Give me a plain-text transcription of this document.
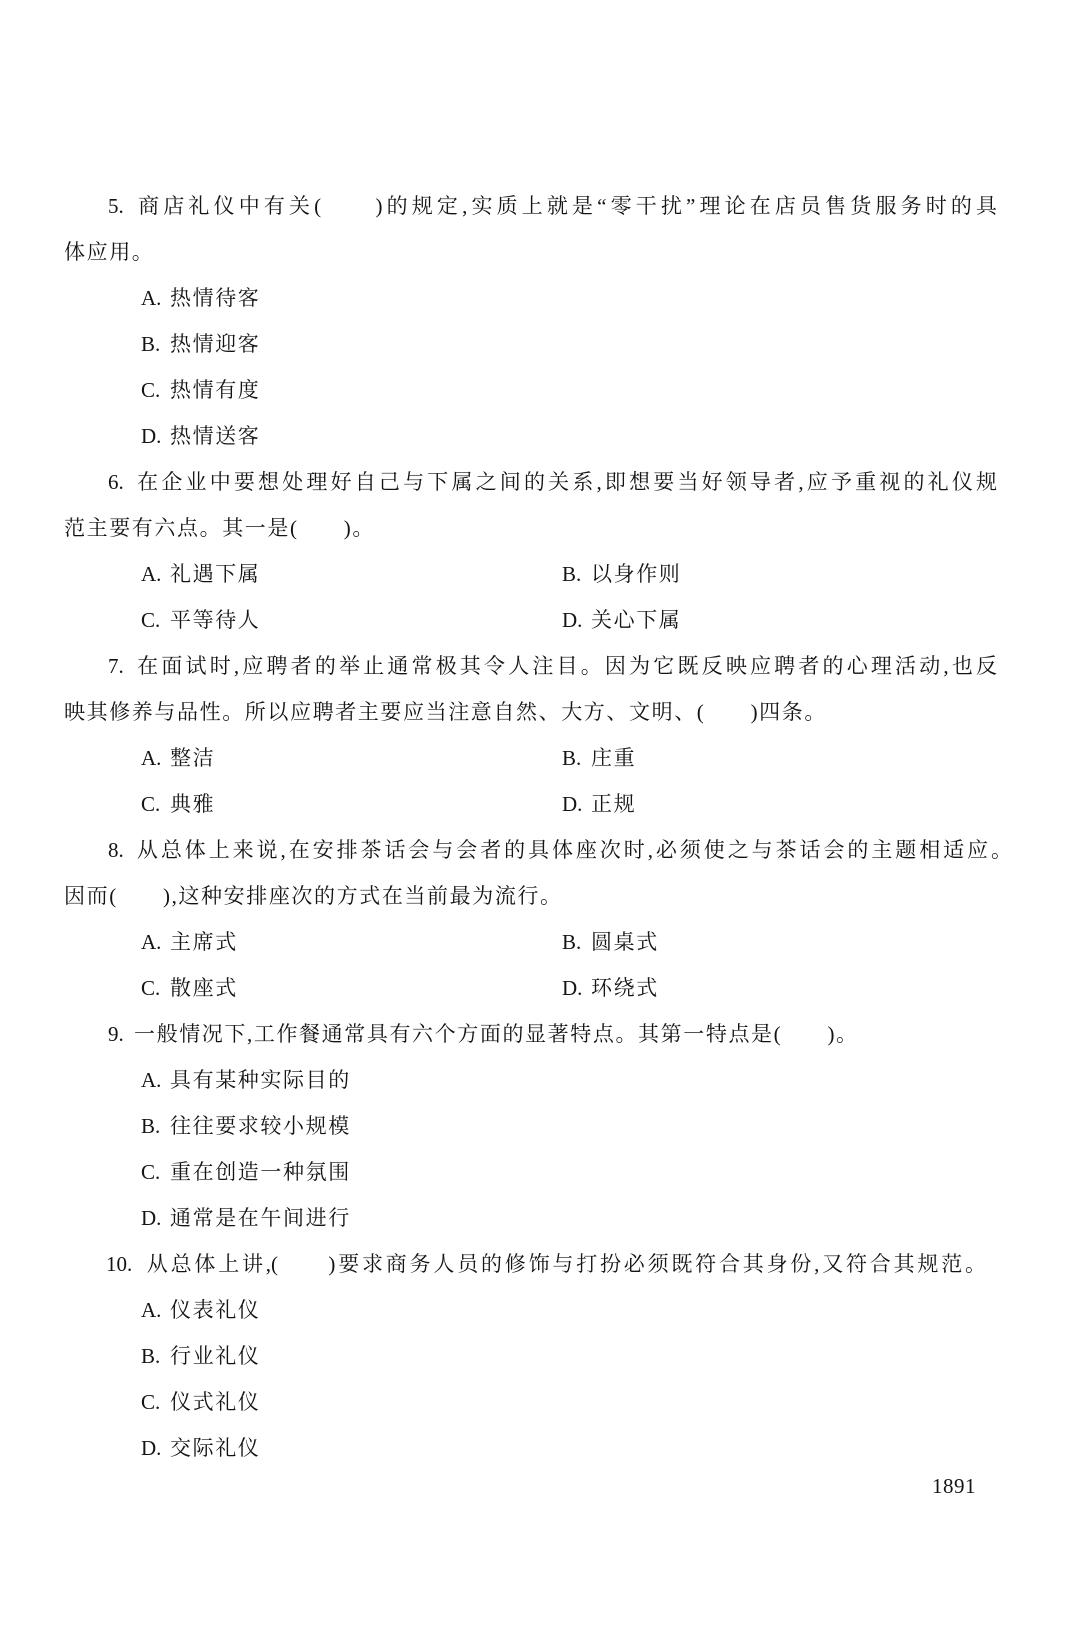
5. 商店礼仪中有关(　　)的规定,实质上就是“零干扰”理论在店员售货服务时的具
体应用。
A. 热情待客
B. 热情迎客
C. 热情有度
D. 热情送客
6. 在企业中要想处理好自己与下属之间的关系,即想要当好领导者,应予重视的礼仪规
范主要有六点。其一是(　　)。
A. 礼遇下属	B. 以身作则
C. 平等待人	D. 关心下属
7. 在面试时,应聘者的举止通常极其令人注目。因为它既反映应聘者的心理活动,也反
映其修养与品性。所以应聘者主要应当注意自然、大方、文明、(　　)四条。
A. 整洁	B. 庄重
C. 典雅	D. 正规
8. 从总体上来说,在安排茶话会与会者的具体座次时,必须使之与茶话会的主题相适应。
因而(　　),这种安排座次的方式在当前最为流行。
A. 主席式	B. 圆桌式
C. 散座式	D. 环绕式
9. 一般情况下,工作餐通常具有六个方面的显著特点。其第一特点是(　　)。
A. 具有某种实际目的
B. 往往要求较小规模
C. 重在创造一种氛围
D. 通常是在午间进行
10. 从总体上讲,(　　)要求商务人员的修饰与打扮必须既符合其身份,又符合其规范。
A. 仪表礼仪
B. 行业礼仪
C. 仪式礼仪
D. 交际礼仪
1891
